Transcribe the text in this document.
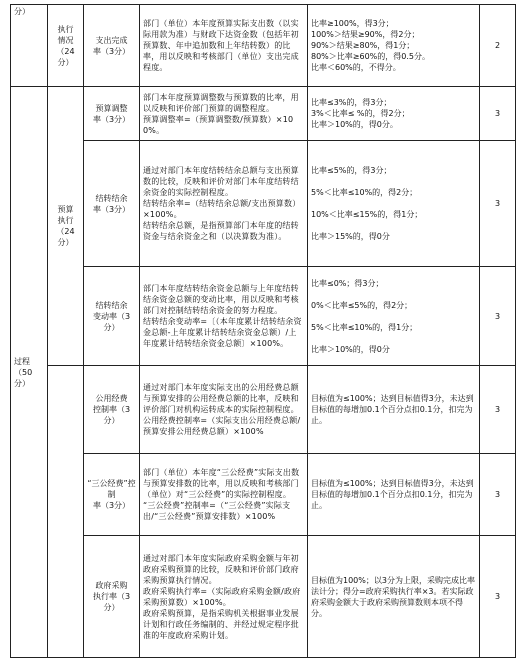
分）	执行
情况
（24
分）	支出完成
率（3分）	部门（单位）本年度预算实际支出数（以实际用款为准）与财政下达资金数（包括年初预算数、年中追加数和上年结转数）的比率，用以反映和考核部门（单位）支出完成程度。	比率≥100%，得3分；
100%＞结果≥90%，得2分；
90%＞结果≥80%，得1分；
80%＞比率≥60%的，得0.5分。
比率＜60%的，不得分。	2

过程
（50
分）	预算
执行
（24
分）	预算调整
率（3分）	部门本年度预算调整数与预算数的比率，用以反映和评价部门预算的调整程度。
预算调整率=（预算调整数/预算数）×100%。	比率≤3%的，得3分；
3%＜比率≤ %的，得2分；
比率＞10%的，得0分。	3

		结转结余
率（3分）	通过对部门本年度结转结余总额与支出预算数的比较，反映和评价对部门本年度结转结余资金的实际控制程度。
结转结余率=（结转结余总额/支出预算数）×100%。
结转结余总额，是指预算部门本年度的结转资金与结余资金之和（以决算数为准）。	比率≤5%的，得3分；

5%＜比率≤10%的，得2分；

10%＜比率≤15%的，得1分；

比率＞15%的，得0分	3

		结转结余
变动率（3
分）	部门本年度结转结余资金总额与上年度结转结余资金总额的变动比率，用以反映和考核部门对控制结转结余资金的努力程度。
结转结余变动率=〔（本年度累计结转结余资金总额-上年度累计结转结余资金总额）/上年度累计结转结余资金总额〕×100%。	比率≤0%；得3分；

0%＜比率≤5%的，得2分；

5%＜比率≤10%的，得1分；

比率＞10%的，得0分	3

		公用经费
控制率（3
分）	通过对部门本年度实际支出的公用经费总额与预算安排的公用经费总额的比率，反映和评价部门对机构运转成本的实际控制程度。
公用经费控制率=（实际支出公用经费总额/预算安排公用经费总额）×100%	目标值为≤100%；达到目标值得3分，未达到目标值的每增加0.1个百分点扣0.1分，扣完为止。	3

		“三公经费”控制
率（3分）	部门（单位）本年度“三公经费”实际支出数与预算安排数的比率，用以反映和考核部门（单位）对“三公经费”的实际控制程度。
“三公经费”控制率=（“三公经费”实际支出/“三公经费”预算安排数）×100%	目标值为≤100%；达到目标值得3分，未达到目标值的每增加0.1个百分点扣0.1分，扣完为止。	3

		政府采购
执行率（3
分）	通过对部门本年度实际政府采购金额与年初政府采购预算的比较，反映和评价部门政府采购预算执行情况。
政府采购执行率=（实际政府采购金额/政府采购预算数）×100%。
政府采购预算，是指采购机关根据事业发展计划和行政任务编制的、并经过规定程序批准的年度政府采购计划。	目标值为100%；以3分为上限，采购完成比率法计分；得分=政府采购执行率×3。若实际政府采购金额大于政府采购预算数则本项不得分。	3
